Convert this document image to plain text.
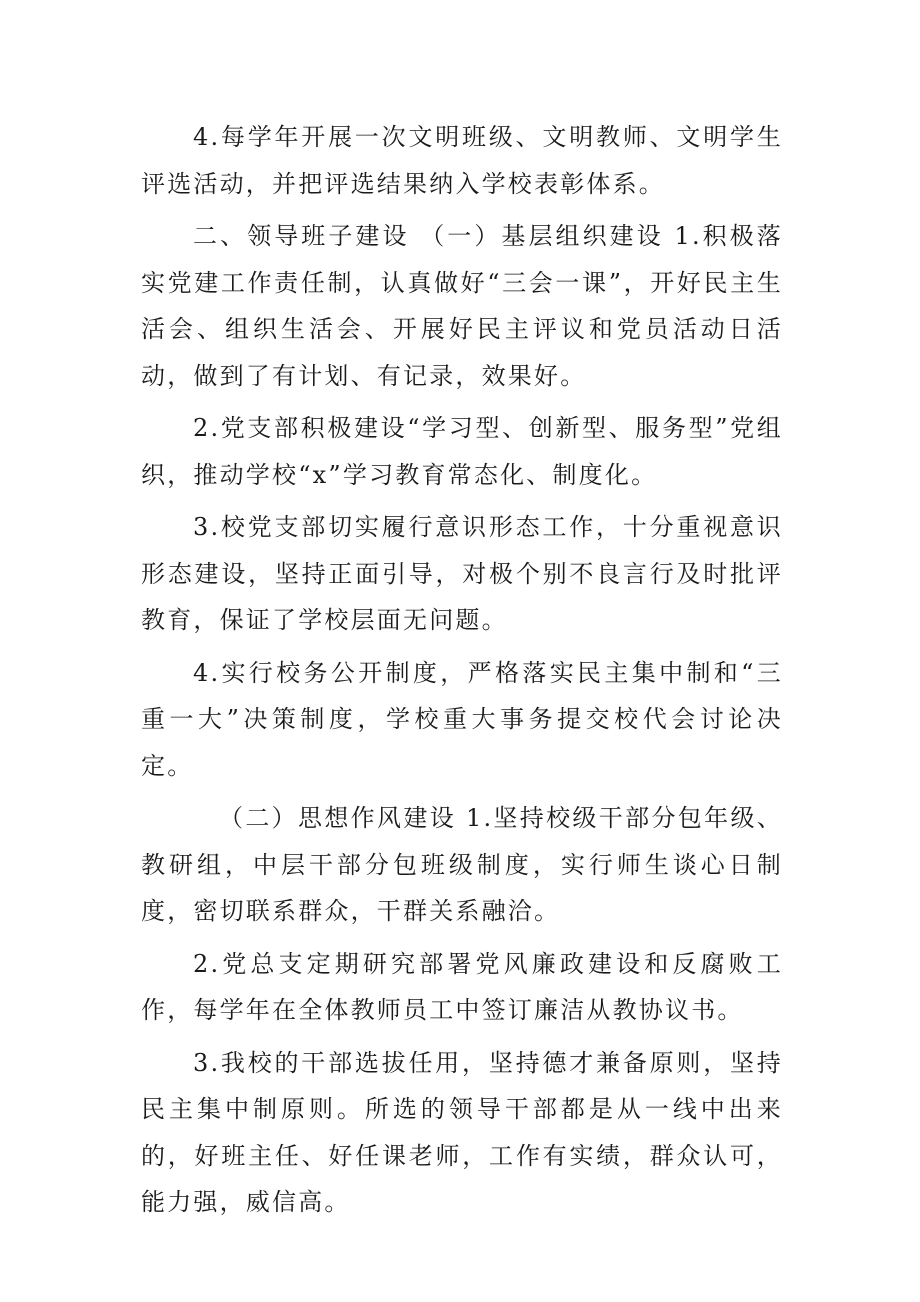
4.每学年开展一次文明班级、文明教师、文明学生评选活动，并把评选结果纳入学校表彰体系。

二、领导班子建设 （一）基层组织建设 1.积极落实党建工作责任制，认真做好“三会一课”，开好民主生活会、组织生活会、开展好民主评议和党员活动日活动，做到了有计划、有记录，效果好。

2.党支部积极建设“学习型、创新型、服务型”党组织，推动学校“x”学习教育常态化、制度化。

3.校党支部切实履行意识形态工作，十分重视意识形态建设，坚持正面引导，对极个别不良言行及时批评教育，保证了学校层面无问题。

4.实行校务公开制度，严格落实民主集中制和“三重一大”决策制度，学校重大事务提交校代会讨论决定。

（二）思想作风建设 1.坚持校级干部分包年级、教研组，中层干部分包班级制度，实行师生谈心日制度，密切联系群众，干群关系融洽。

2.党总支定期研究部署党风廉政建设和反腐败工作，每学年在全体教师员工中签订廉洁从教协议书。

3.我校的干部选拔任用，坚持德才兼备原则，坚持民主集中制原则。所选的领导干部都是从一线中出来的，好班主任、好任课老师，工作有实绩，群众认可，能力强，威信高。
